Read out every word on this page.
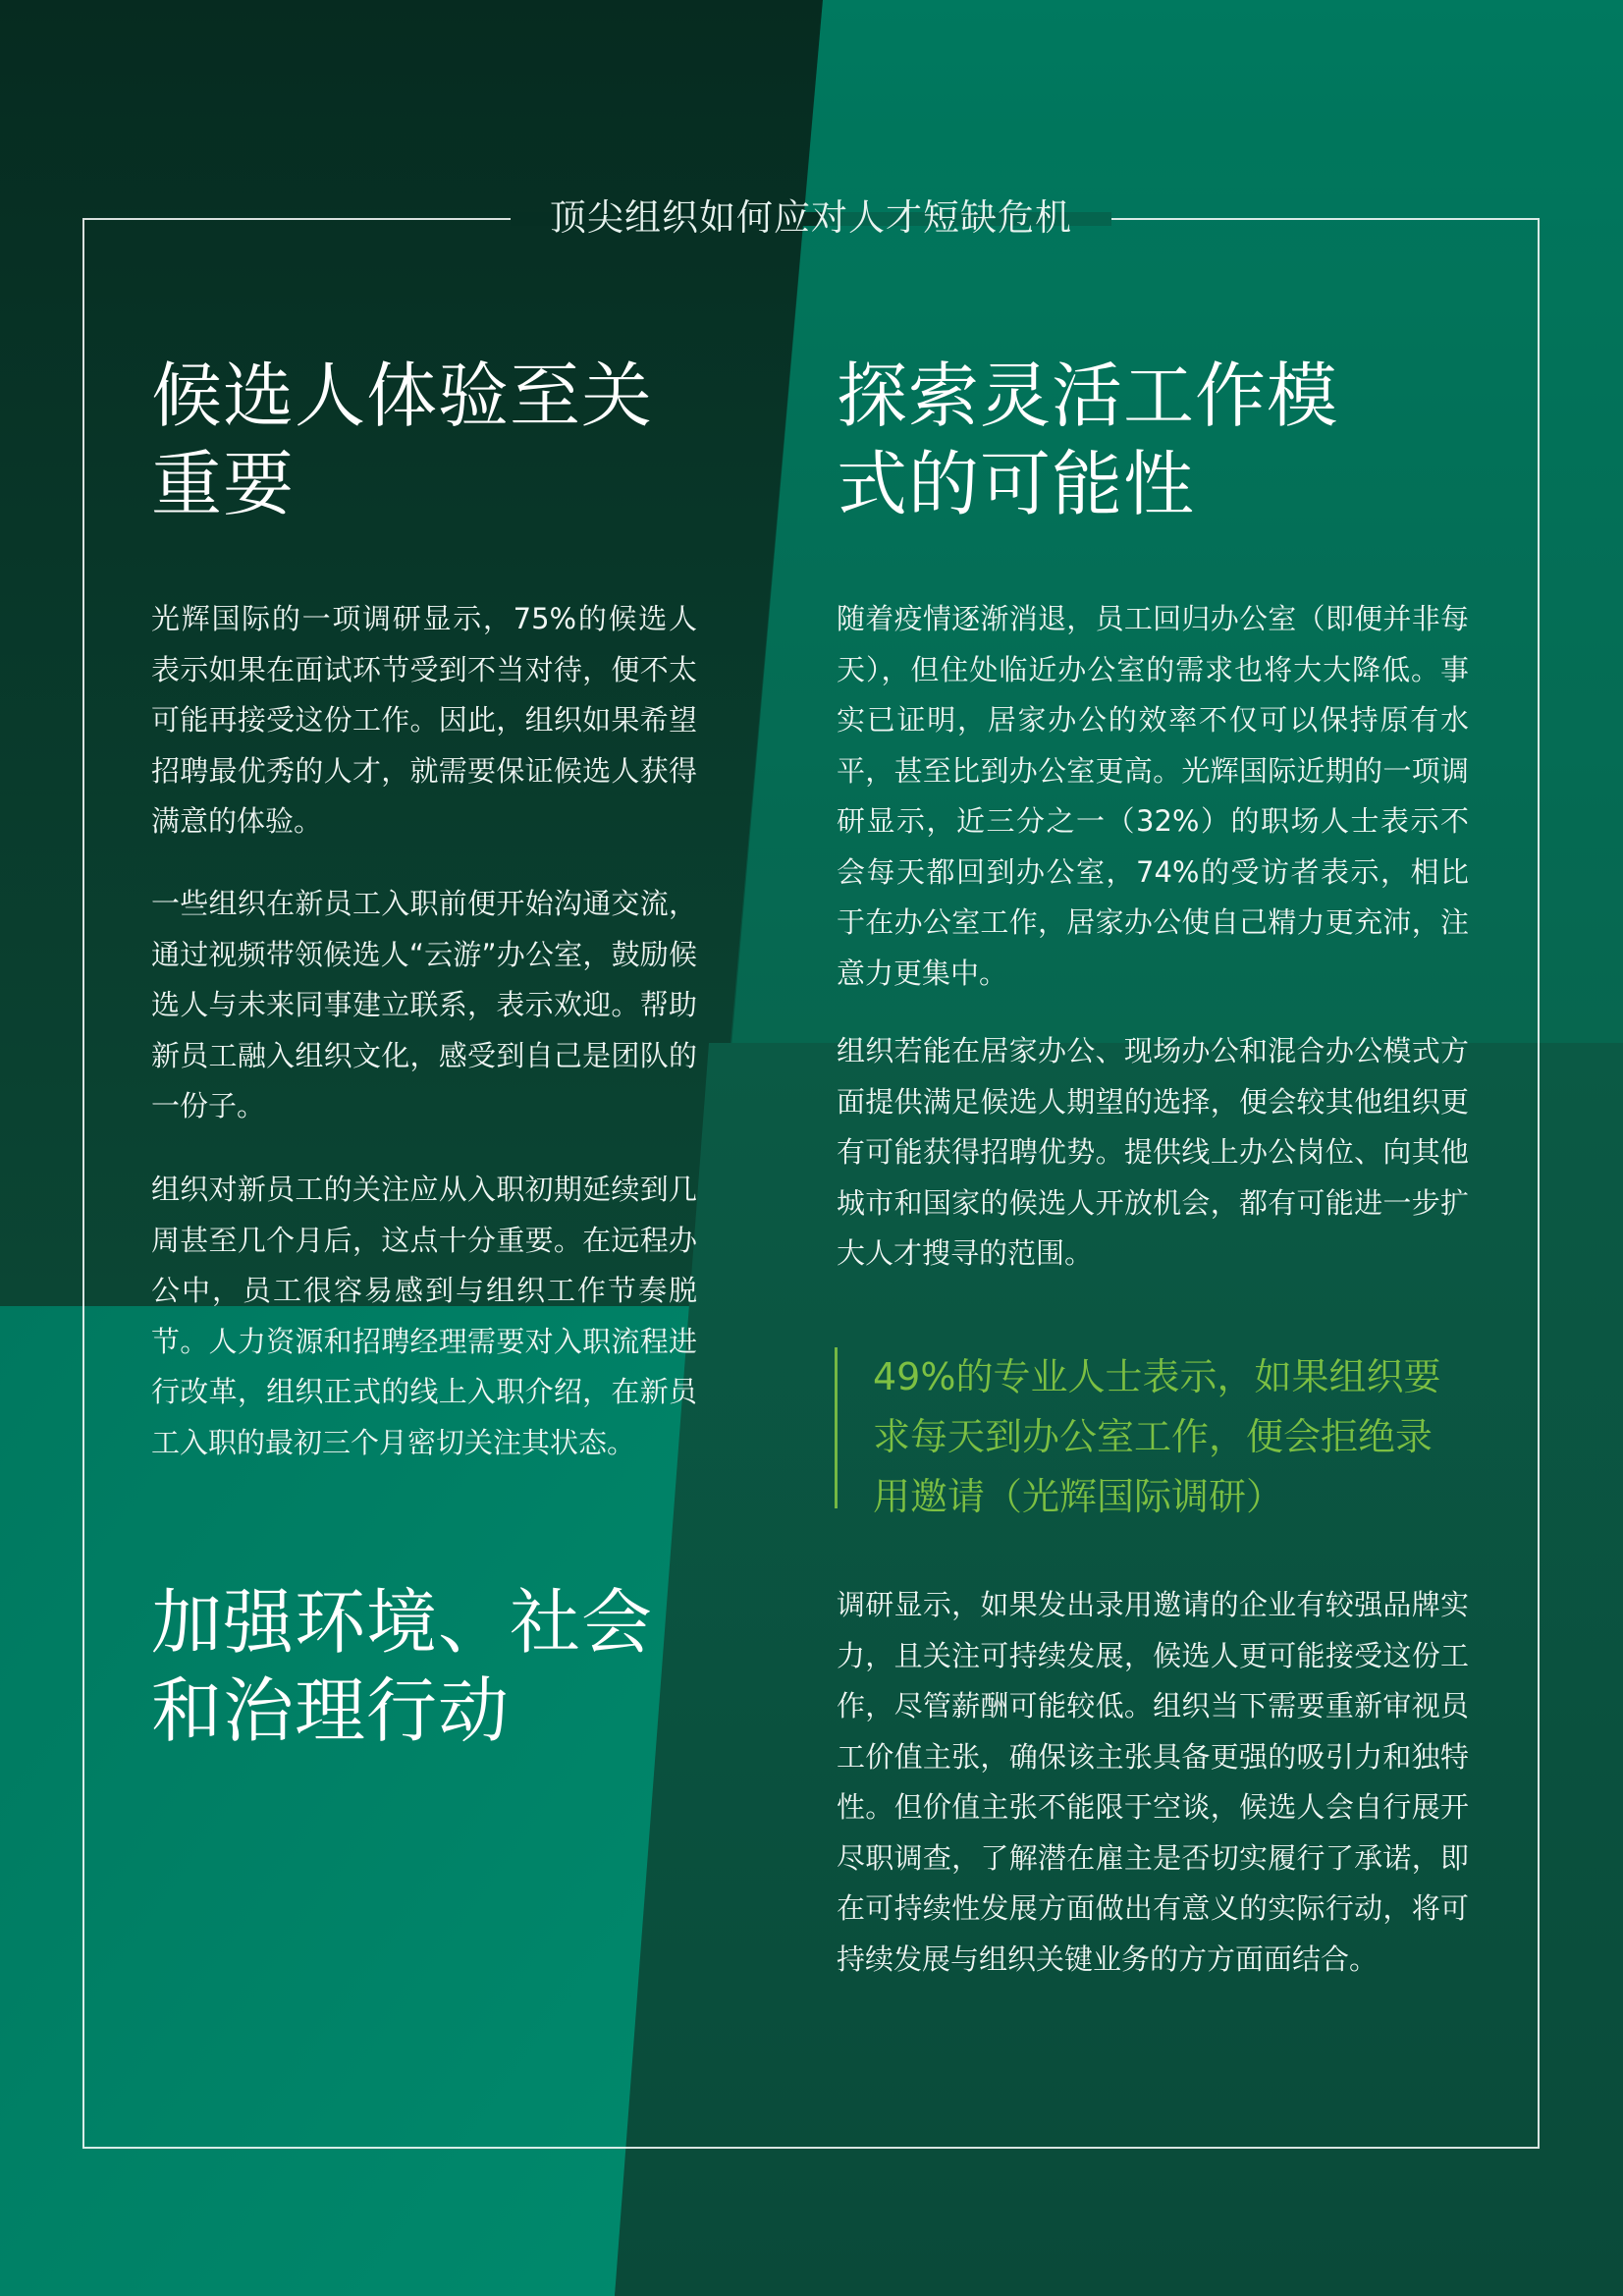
顶尖组织如何应对人才短缺危机
候选人体验至关
重要

光辉国际的一项调研显示，75%的候选人表示如果在面试环节受到不当对待，便不太可能再接受这份工作。因此，组织如果希望招聘最优秀的人才，就需要保证候选人获得满意的体验。

一些组织在新员工入职前便开始沟通交流，通过视频带领候选人“云游”办公室，鼓励候选人与未来同事建立联系，表示欢迎。帮助新员工融入组织文化，感受到自己是团队的一份子。

组织对新员工的关注应从入职初期延续到几周甚至几个月后，这点十分重要。在远程办公中，员工很容易感到与组织工作节奏脱节。人力资源和招聘经理需要对入职流程进行改革，组织正式的线上入职介绍，在新员工入职的最初三个月密切关注其状态。

加强环境、社会
和治理行动
探索灵活工作模
式的可能性

随着疫情逐渐消退，员工回归办公室（即便并非每天），但住处临近办公室的需求也将大大降低。事实已证明，居家办公的效率不仅可以保持原有水平，甚至比到办公室更高。光辉国际近期的一项调研显示，近三分之一（32%）的职场人士表示不会每天都回到办公室，74%的受访者表示，相比于在办公室工作，居家办公使自己精力更充沛，注意力更集中。

组织若能在居家办公、现场办公和混合办公模式方面提供满足候选人期望的选择，便会较其他组织更有可能获得招聘优势。提供线上办公岗位、向其他城市和国家的候选人开放机会，都有可能进一步扩大人才搜寻的范围。

49%的专业人士表示，如果组织要求每天到办公室工作，便会拒绝录用邀请（光辉国际调研）

调研显示，如果发出录用邀请的企业有较强品牌实力，且关注可持续发展，候选人更可能接受这份工作，尽管薪酬可能较低。组织当下需要重新审视员工价值主张，确保该主张具备更强的吸引力和独特性。但价值主张不能限于空谈，候选人会自行展开尽职调查，了解潜在雇主是否切实履行了承诺，即在可持续性发展方面做出有意义的实际行动，将可持续发展与组织关键业务的方方面面结合。
